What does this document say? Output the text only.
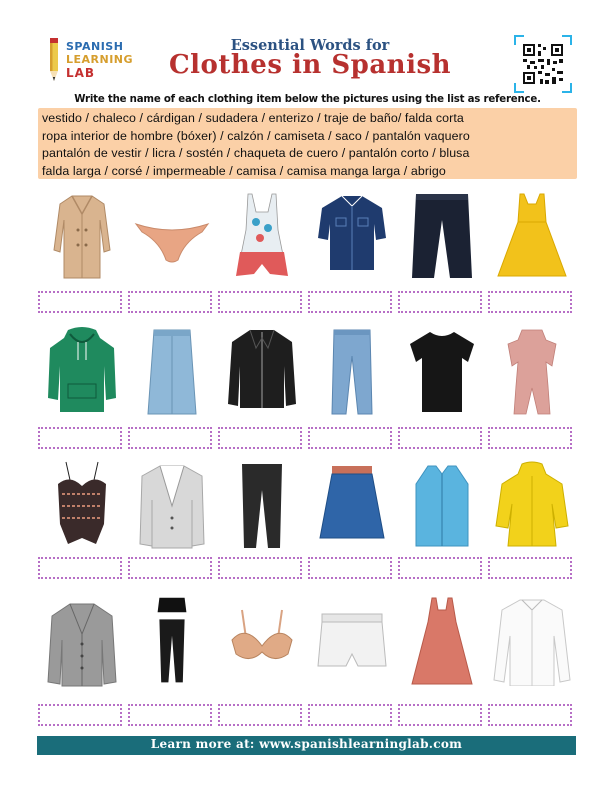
SPANISH
LEARNING
LAB
Essential Words for
Clothes in Spanish
Write the name of each clothing item below the pictures using the list as reference.
vestido / chaleco / cárdigan / sudadera / enterizo / traje de baño/ falda corta
ropa interior de hombre (bóxer) / calzón / camiseta / saco / pantalón vaquero
pantalón de vestir / licra / sostén / chaqueta de cuero / pantalón corto / blusa
falda larga / corsé / impermeable / camisa / camisa manga larga / abrigo
Learn more at: www.spanishlearninglab.com
